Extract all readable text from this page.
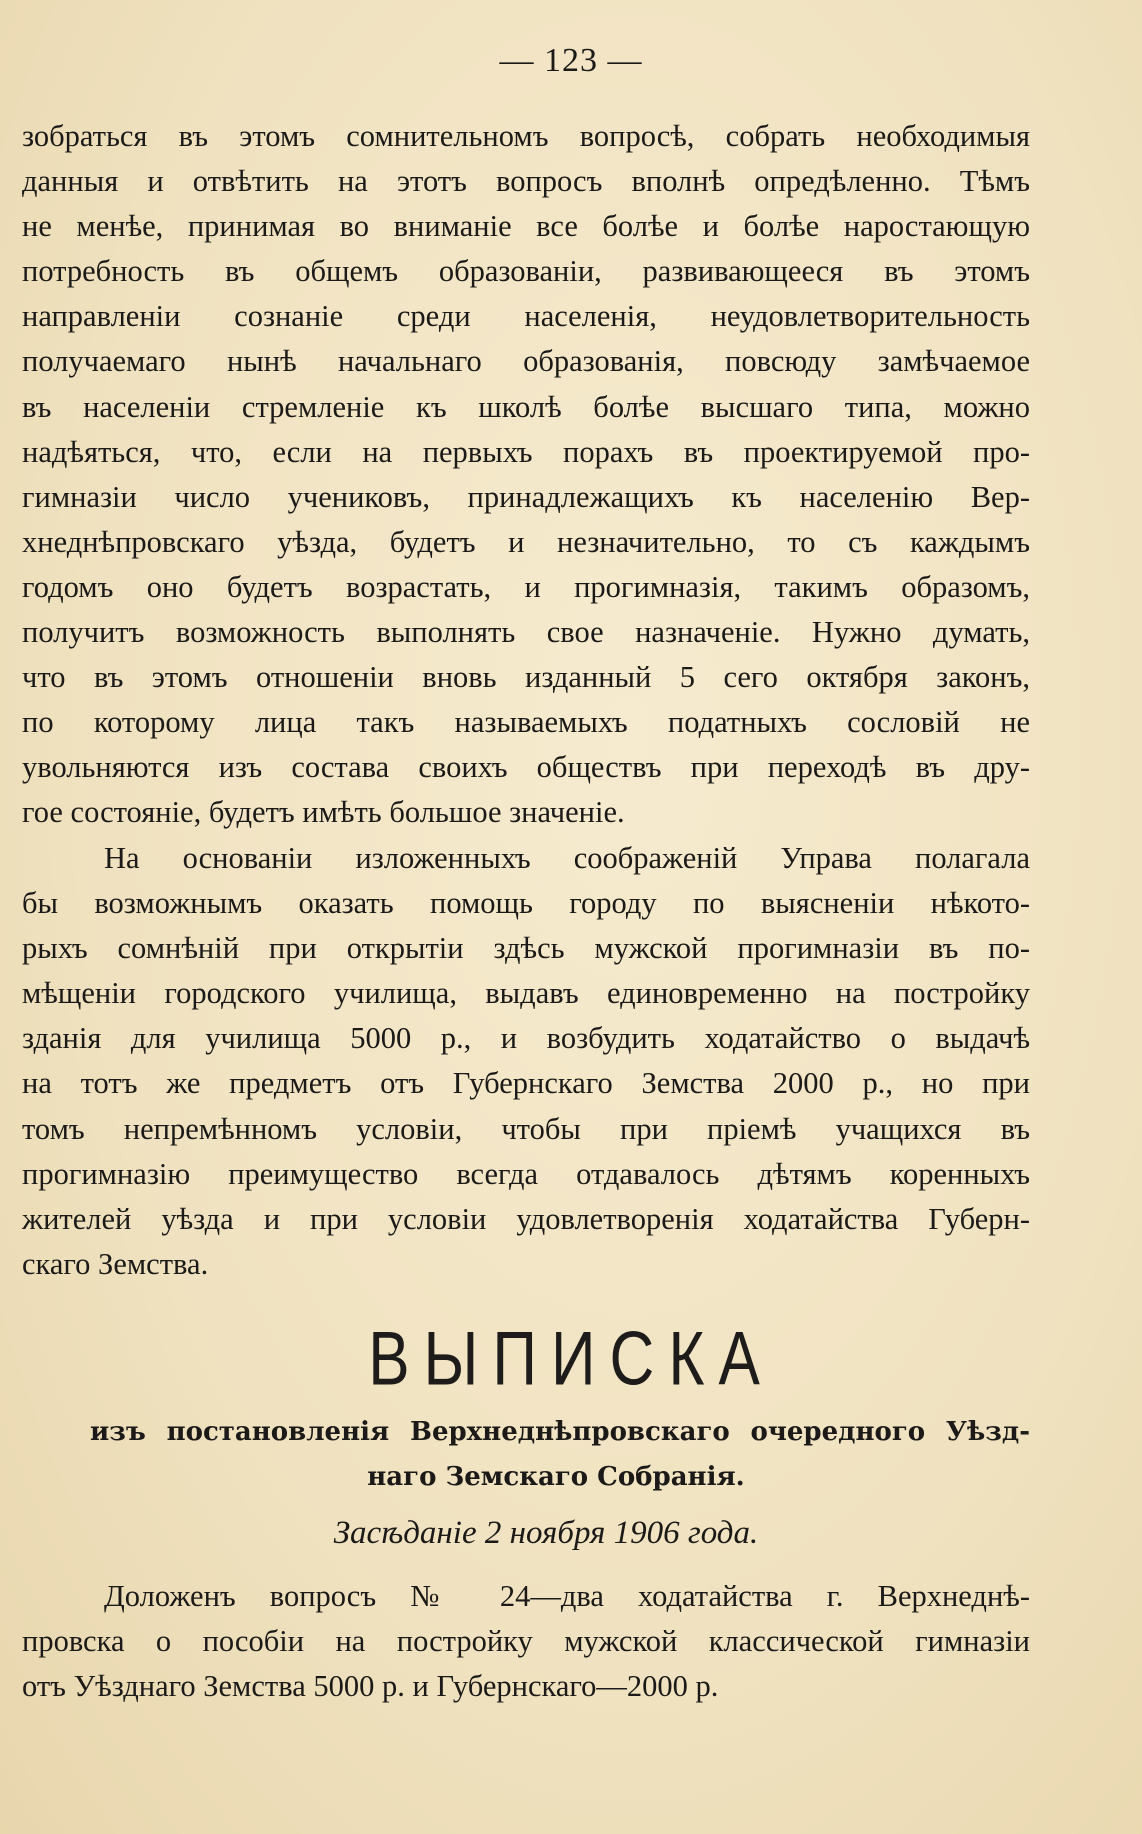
— 123 —
зобраться въ этомъ сомнительномъ вопросѣ, собрать необходимыя
данныя и отвѣтить на этотъ вопросъ вполнѣ опредѣленно. Тѣмъ
не менѣе, принимая во вниманіе все болѣе и болѣе наростающую
потребность въ общемъ образованіи, развивающееся въ этомъ
направленіи сознаніе среди населенія, неудовлетворительность
получаемаго нынѣ начальнаго образованія, повсюду замѣчаемое
въ населеніи стремленіе къ школѣ болѣе высшаго типа, можно
надѣяться, что, если на первыхъ порахъ въ проектируемой про-
гимназіи число учениковъ, принадлежащихъ къ населенію Вер-
хнеднѣпровскаго уѣзда, будетъ и незначительно, то съ каждымъ
годомъ оно будетъ возрастать, и прогимназія, такимъ образомъ,
получитъ возможность выполнять свое назначеніе. Нужно думать,
что въ этомъ отношеніи вновь изданный 5 сего октября законъ,
по которому лица такъ называемыхъ податныхъ сословій не
увольняются изъ состава своихъ обществъ при переходѣ въ дру-
гое состояніе, будетъ имѣть большое значеніе.
На основаніи изложенныхъ соображеній Управа полагала
бы возможнымъ оказать помощь городу по выясненіи нѣкото-
рыхъ сомнѣній при открытіи здѣсь мужской прогимназіи въ по-
мѣщеніи городского училища, выдавъ единовременно на постройку
зданія для училища 5000 р., и возбудить ходатайство о выдачѣ
на тотъ же предметъ отъ Губернскаго Земства 2000 р., но при
томъ непремѣнномъ условіи, чтобы при пріемѣ учащихся въ
прогимназію преимущество всегда отдавалось дѣтямъ коренныхъ
жителей уѣзда и при условіи удовлетворенія ходатайства Губерн-
скаго Земства.
ВЫПИСКА
изъ постановленія Верхнеднѣпровскаго очередного Уѣзд-
наго Земскаго Собранія.
Засѣданіе 2 ноября 1906 года.
Доложенъ вопросъ № 24—два ходатайства г. Верхнеднѣ-
провска о пособіи на постройку мужской классической гимназіи
отъ Уѣзднаго Земства 5000 р. и Губернскаго—2000 р.
